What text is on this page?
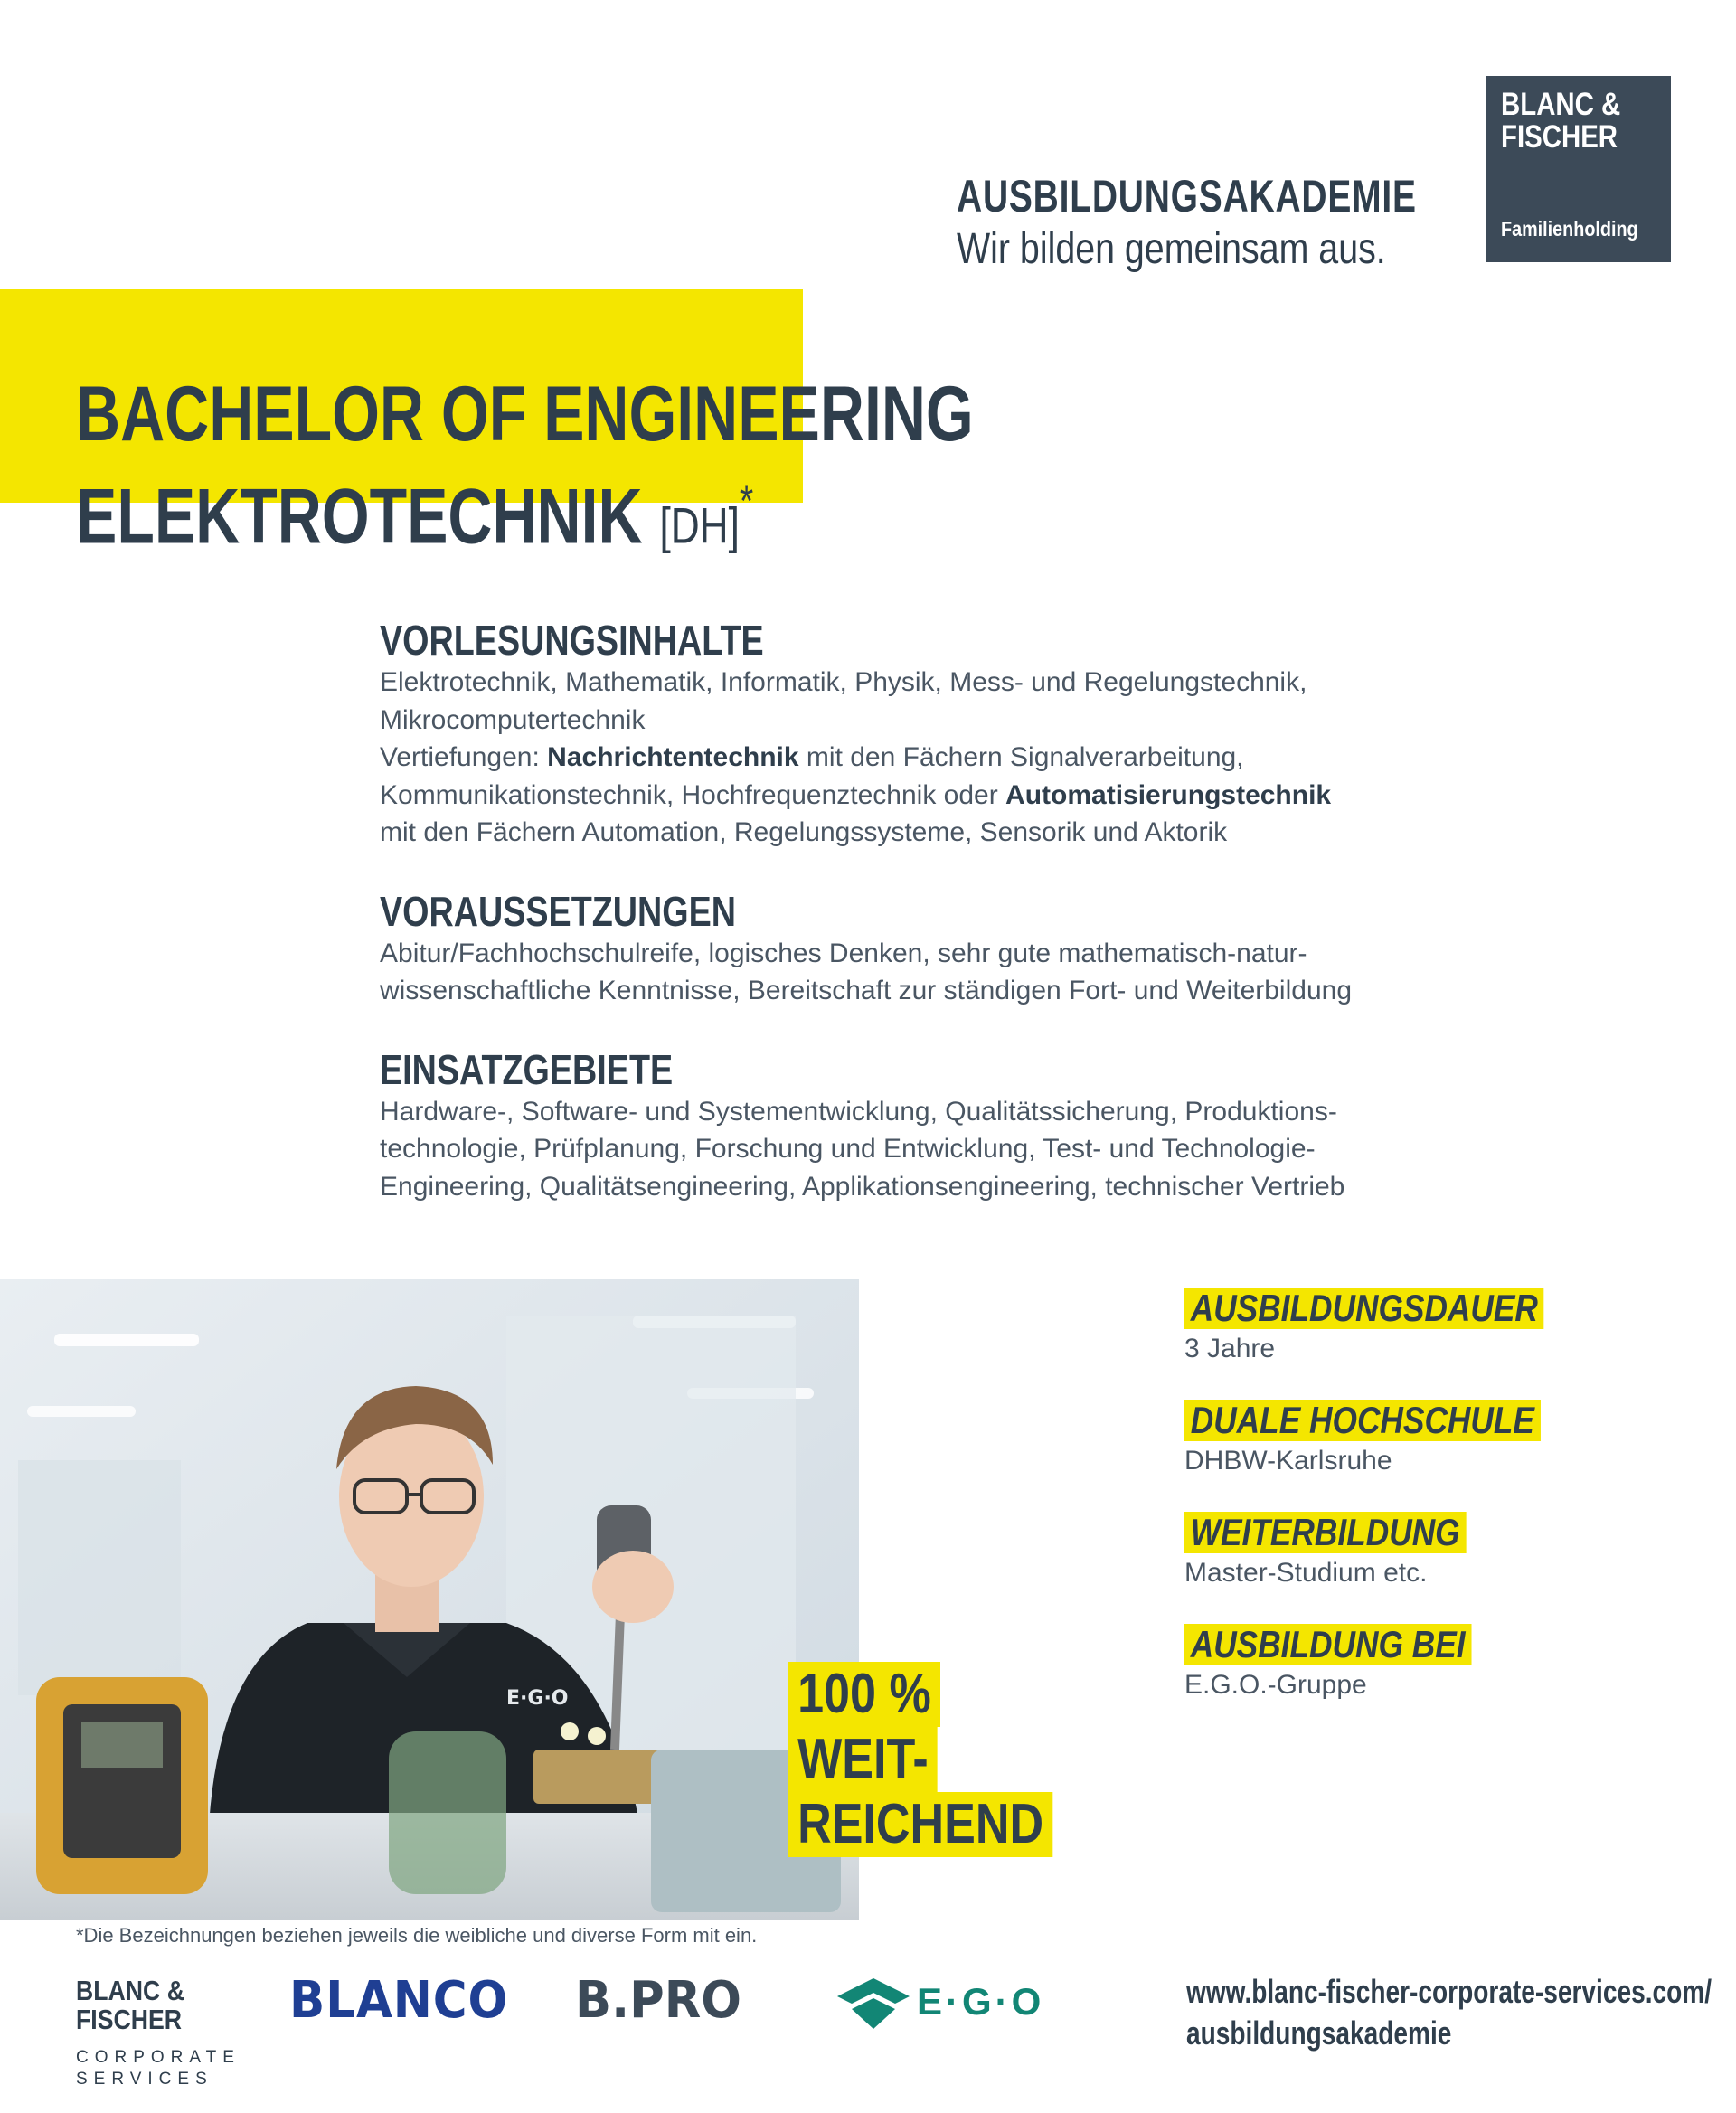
AUSBILDUNGSAKADEMIE
Wir bilden gemeinsam aus.
BLANC &
FISCHER
Familienholding
BACHELOR OF ENGINEERING
ELEKTROTECHNIK [DH]*
VORLESUNGSINHALTE
Elektrotechnik, Mathematik, Informatik, Physik, Mess- und Regelungstechnik,
Mikrocomputertechnik
Vertiefungen: Nachrichtentechnik mit den Fächern Signalverarbeitung,
Kommunikationstechnik, Hochfrequenztechnik oder Automatisierungstechnik
mit den Fächern Automation, Regelungssysteme, Sensorik und Aktorik
VORAUSSETZUNGEN
Abitur/Fachhochschulreife, logisches Denken, sehr gute mathematisch-natur-
wissenschaftliche Kenntnisse, Bereitschaft zur ständigen Fort- und Weiterbildung
EINSATZGEBIETE
Hardware-, Software- und Systementwicklung, Qualitätssicherung, Produktions-
technologie, Prüfplanung, Forschung und Entwicklung, Test- und Technologie-
Engineering, Qualitätsengineering, Applikationsengineering, technischer Vertrieb
E·G·O	100 %
WEIT-
REICHEND
AUSBILDUNGSDAUER
3 Jahre
DUALE HOCHSCHULE
DHBW-Karlsruhe
WEITERBILDUNG
Master-Studium etc.
AUSBILDUNG BEI
E.G.O.-Gruppe
*Die Bezeichnungen beziehen jeweils die weibliche und diverse Form mit ein.
BLANC &
FISCHER
CORPORATE
SERVICES
BLANCO B.PRO	E·G·O	www.blanc-fischer-corporate-services.com/
ausbildungsakademie
